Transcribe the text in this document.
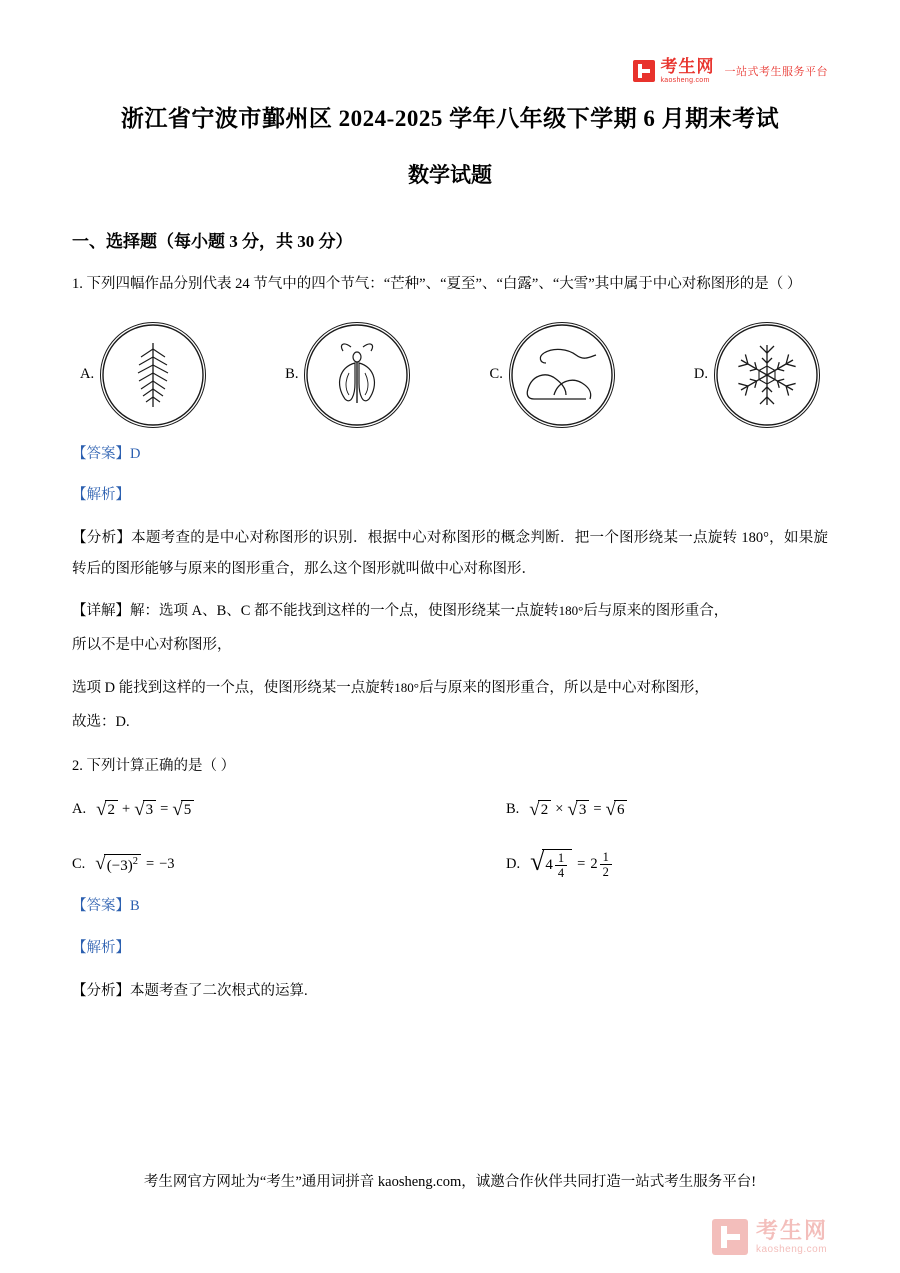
考生网
kaosheng.com
一站式考生服务平台
浙江省宁波市鄞州区 2024-2025 学年八年级下学期 6 月期末考试
数学试题
一、选择题（每小题 3 分，共 30 分）
1. 下列四幅作品分别代表 24 节气中的四个节气：“芒种”、“夏至”、“白露”、“大雪”其中属于中心对称图形的是（ ）
A.	B.	C.	D.
【答案】D
【解析】
【分析】本题考查的是中心对称图形的识别．根据中心对称图形的概念判断．把一个图形绕某一点旋转 180°，如果旋转后的图形能够与原来的图形重合，那么这个图形就叫做中心对称图形．
【详解】解：选项 A、B、C 都不能找到这样的一个点，使图形绕某一点旋转180°后与原来的图形重合，
所以不是中心对称图形，
选项 D 能找到这样的一个点，使图形绕某一点旋转180°后与原来的图形重合，所以是中心对称图形，
故选：D.
2. 下列计算正确的是（ ）
A. √ 2 + √ 3 = √ 5	B. √ 2 × √ 3 = √ 6
C. √ $(-3)^2 = -3$	D. √ $4 \frac{1}{4} = 2 \frac{1}{2}$
【答案】B
【解析】
【分析】本题考查了二次根式的运算.
考生网官方网址为“考生”通用词拼音 kaosheng.com，诚邀合作伙伴共同打造一站式考生服务平台!
考生网
kaosheng.com
